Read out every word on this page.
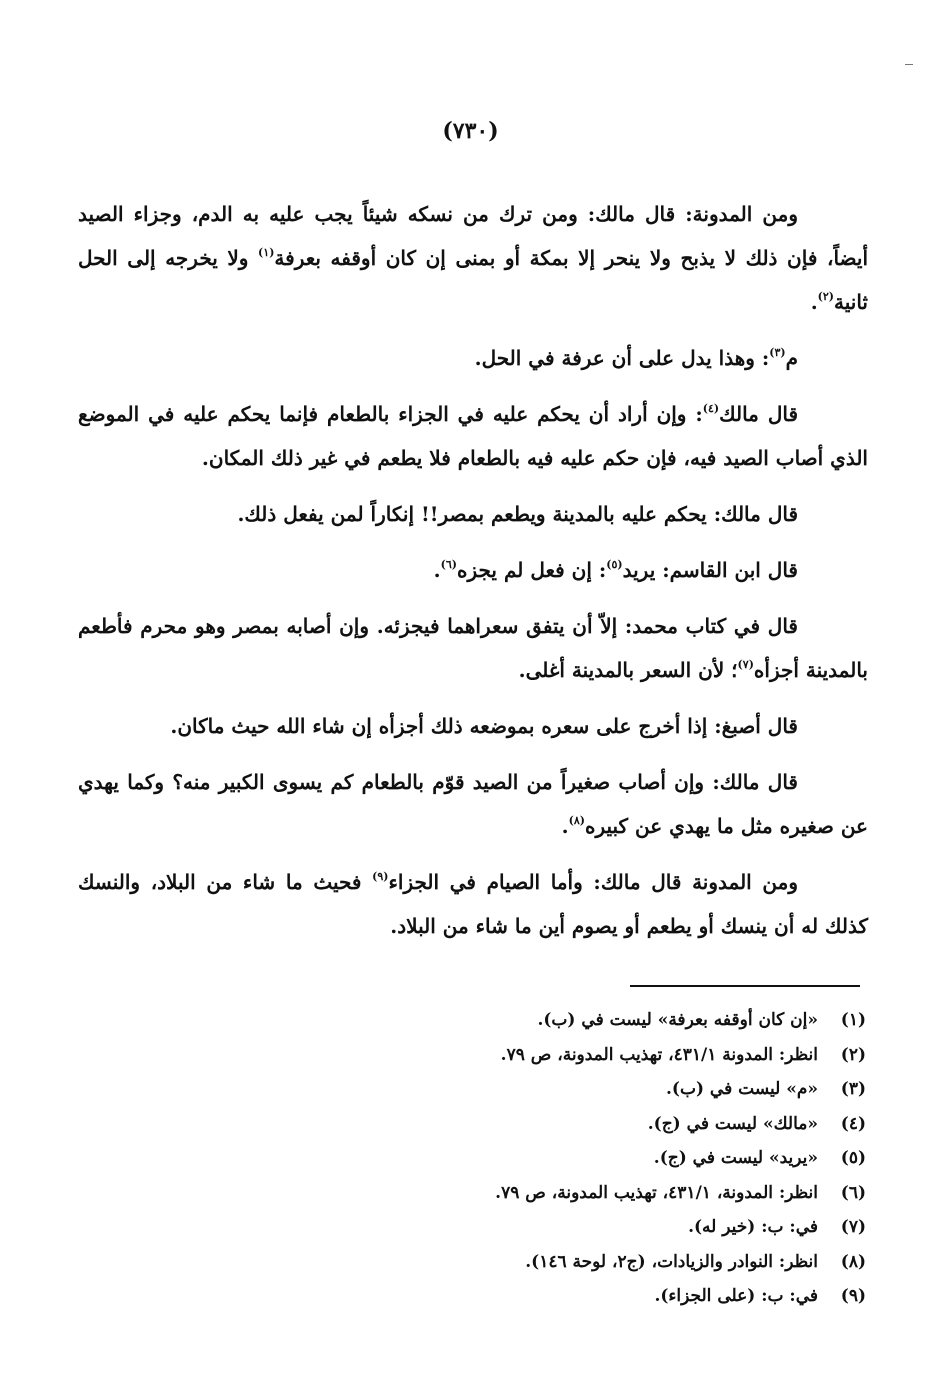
(٧٣٠)

ومن المدونة: قال مالك: ومن ترك من نسكه شيئاً يجب عليه به الدم، وجزاء الصيد أيضاً، فإن ذلك لا يذبح ولا ينحر إلا بمكة أو بمنى إن كان أوقفه بعرفة$^{(١)}$ ولا يخرجه إلى الحل ثانية$^{(٢)}$.

م$^{(٣)}$: وهذا يدل على أن عرفة في الحل.

قال مالك$^{(٤)}$: وإن أراد أن يحكم عليه في الجزاء بالطعام فإنما يحكم عليه في الموضع الذي أصاب الصيد فيه، فإن حكم عليه فيه بالطعام فلا يطعم في غير ذلك المكان.

قال مالك: يحكم عليه بالمدينة ويطعم بمصر!! إنكاراً لمن يفعل ذلك.

قال ابن القاسم: يريد$^{(٥)}$: إن فعل لم يجزه$^{(٦)}$.

قال في كتاب محمد: إلاّ أن يتفق سعراهما فيجزئه. وإن أصابه بمصر وهو محرم فأطعم بالمدينة أجزأه$^{(٧)}$؛ لأن السعر بالمدينة أغلى.

قال أصبغ: إذا أخرج على سعره بموضعه ذلك أجزأه إن شاء الله حيث ماكان.

قال مالك: وإن أصاب صغيراً من الصيد قوّم بالطعام كم يسوى الكبير منه؟ وكما يهدي عن صغيره مثل ما يهدي عن كبيره$^{(٨)}$.

ومن المدونة قال مالك: وأما الصيام في الجزاء$^{(٩)}$ فحيث ما شاء من البلاد، والنسك كذلك له أن ينسك أو يطعم أو يصوم أين ما شاء من البلاد.

(١)
«إن كان أوقفه بعرفة» ليست في (ب).
(٢)
انظر: المدونة ٤٣١/١، تهذيب المدونة، ص ٧٩.
(٣)
«م» ليست في (ب).
(٤)
«مالك» ليست في (ج).
(٥)
«يريد» ليست في (ج).
(٦)
انظر: المدونة، ٤٣١/١، تهذيب المدونة، ص ٧٩.
(٧)
في: ب: (خير له).
(٨)
انظر: النوادر والزيادات، (ج٢، لوحة ١٤٦).
(٩)
في: ب: (على الجزاء).
